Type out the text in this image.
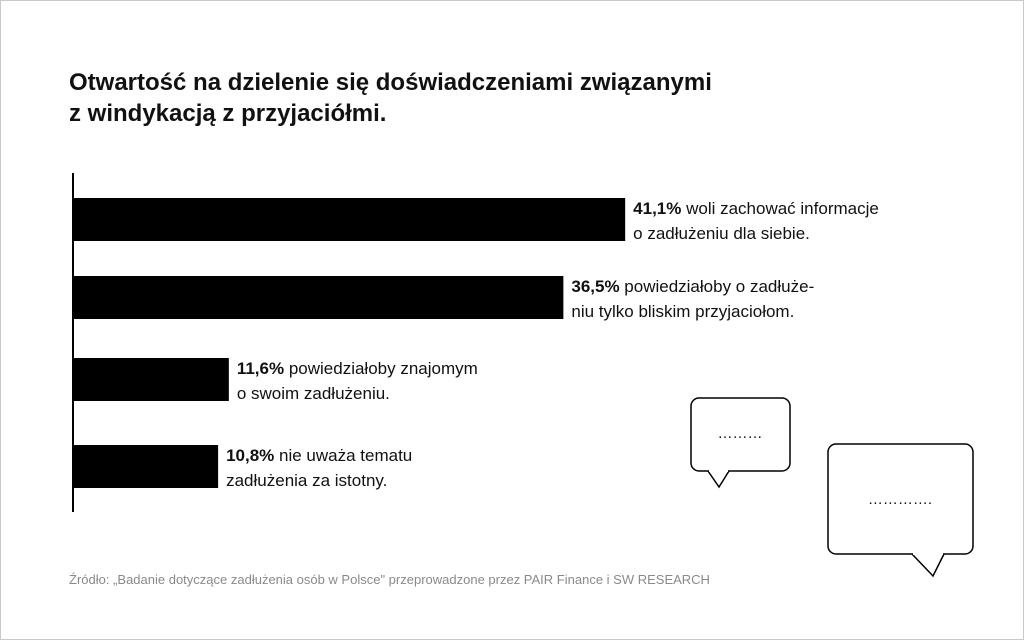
Otwartość na dzielenie się doświadczeniami związanymi
z windykacją z przyjaciółmi.
41,1% woli zachować informacje o zadłużeniu dla siebie.
36,5% powiedziałoby o zadłuże-niu tylko bliskim przyjaciołom.
11,6% powiedziałoby znajomym o swoim zadłużeniu.
10,8% nie uważa tematu zadłużenia za istotny.
………
………….
Źródło: „Badanie dotyczące zadłużenia osób w Polsce" przeprowadzone przez PAIR Finance i SW RESEARCH
